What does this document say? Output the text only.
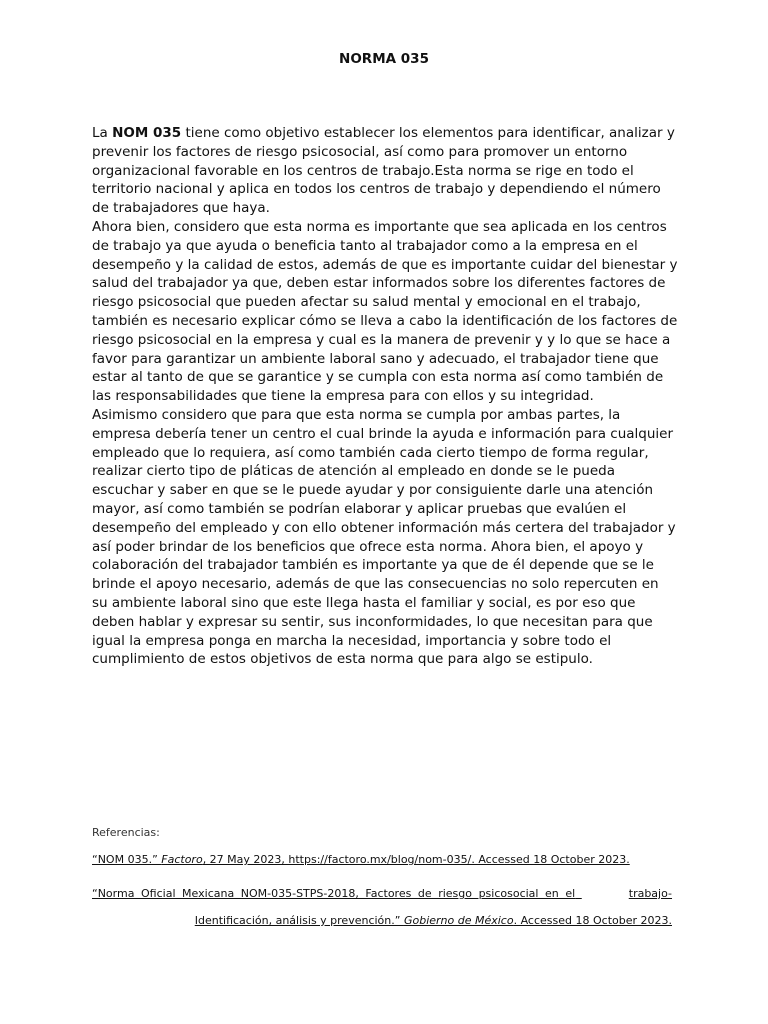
NORMA 035
La NOM 035 tiene como objetivo establecer los elementos para identificar, analizar y prevenir los factores de riesgo psicosocial, así como para promover un entorno organizacional favorable en los centros de trabajo.Esta norma se rige en todo el territorio nacional y aplica en todos los centros de trabajo y dependiendo el número de trabajadores que haya.
Ahora bien, considero que esta norma es importante que sea aplicada en los centros de trabajo ya que ayuda o beneficia tanto al trabajador como a la empresa en el desempeño y la calidad de estos, además de que es importante cuidar del bienestar y salud del trabajador ya que, deben estar informados sobre los diferentes factores de riesgo psicosocial que pueden afectar su salud mental y emocional en el trabajo, también es necesario explicar cómo se lleva a cabo la identificación de los factores de riesgo psicosocial en la empresa y cual es la manera de prevenir y y lo que se hace a favor para garantizar un ambiente laboral sano y adecuado, el trabajador tiene que estar al tanto de que se garantice y se cumpla con esta norma así como también de las responsabilidades que tiene la empresa para con ellos y su integridad.
Asimismo considero que para que esta norma se cumpla por ambas partes, la empresa debería tener un centro el cual brinde la ayuda e información para cualquier empleado que lo requiera, así como también cada cierto tiempo de forma regular, realizar cierto tipo de pláticas de atención al empleado en donde se le pueda escuchar y saber en que se le puede ayudar y por consiguiente darle una atención mayor, así como también se podrían elaborar y aplicar pruebas que evalúen el desempeño del empleado y con ello obtener información más certera del trabajador y así poder brindar de los beneficios que ofrece esta norma. Ahora bien, el apoyo y colaboración del trabajador también es importante ya que de él depende que se le brinde el apoyo necesario, además de que las consecuencias no solo repercuten en su ambiente laboral sino que este llega hasta el familiar y social, es por eso que deben hablar y expresar su sentir, sus inconformidades, lo que necesitan para que igual la empresa ponga en marcha la necesidad, importancia y sobre todo el cumplimiento de estos objetivos de esta norma que para algo se estipulo.

Referencias:

“NOM 035.” Factoro, 27 May 2023, https://factoro.mx/blog/nom-035/. Accessed 18 October 2023.

“Norma Oficial Mexicana NOM-035-STPS-2018, Factores de riesgo psicosocial en el	trabajo-Identificación, análisis y prevención.” Gobierno de México. Accessed 18 October 2023.
